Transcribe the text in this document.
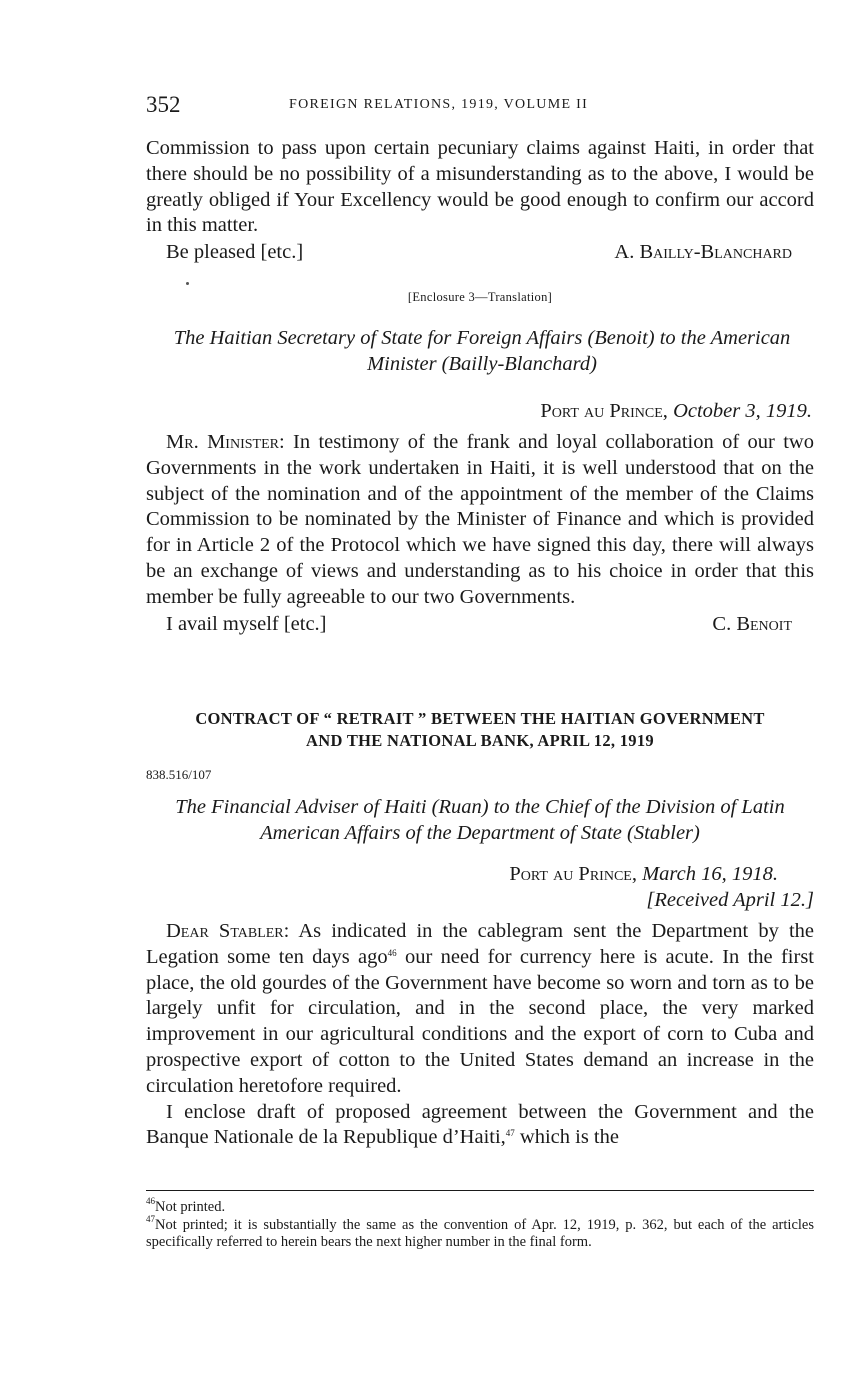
352	FOREIGN RELATIONS, 1919, VOLUME II

Commission to pass upon certain pecuniary claims against Haiti, in order that there should be no possibility of a misunderstanding as to the above, I would be greatly obliged if Your Excellency would be good enough to confirm our accord in this matter.

Be pleased [etc.]	A. Bailly-Blanchard
[Enclosure 3—Translation]

The Haitian Secretary of State for Foreign Affairs (Benoit) to the American Minister (Bailly-Blanchard)

Port au Prince, October 3, 1919.

Mr. Minister: In testimony of the frank and loyal collaboration of our two Governments in the work undertaken in Haiti, it is well understood that on the subject of the nomination and of the appointment of the member of the Claims Commission to be nominated by the Minister of Finance and which is provided for in Article 2 of the Protocol which we have signed this day, there will always be an exchange of views and understanding as to his choice in order that this member be fully agreeable to our two Governments.

I avail myself [etc.]	C. Benoit

CONTRACT OF “ RETRAIT ” BETWEEN THE HAITIAN GOVERNMENT

AND THE NATIONAL BANK, APRIL 12, 1919

838.516/107

The Financial Adviser of Haiti (Ruan) to the Chief of the Division of Latin American Affairs of the Department of State (Stabler)

Port au Prince, March 16, 1918.
[Received April 12.]

Dear Stabler: As indicated in the cablegram sent the Department by the Legation some ten days ago$^{46}$ our need for currency here is acute. In the first place, the old gourdes of the Government have become so worn and torn as to be largely unfit for circulation, and in the second place, the very marked improvement in our agricultural conditions and the export of corn to Cuba and prospective export of cotton to the United States demand an increase in the circulation heretofore required.

I enclose draft of proposed agreement between the Government and the Banque Nationale de la Republique d’Haiti,$^{47}$ which is the

$^{46}$Not printed.

$^{47}$Not printed; it is substantially the same as the convention of Apr. 12, 1919, p. 362, but each of the articles specifically referred to herein bears the next higher number in the final form.
